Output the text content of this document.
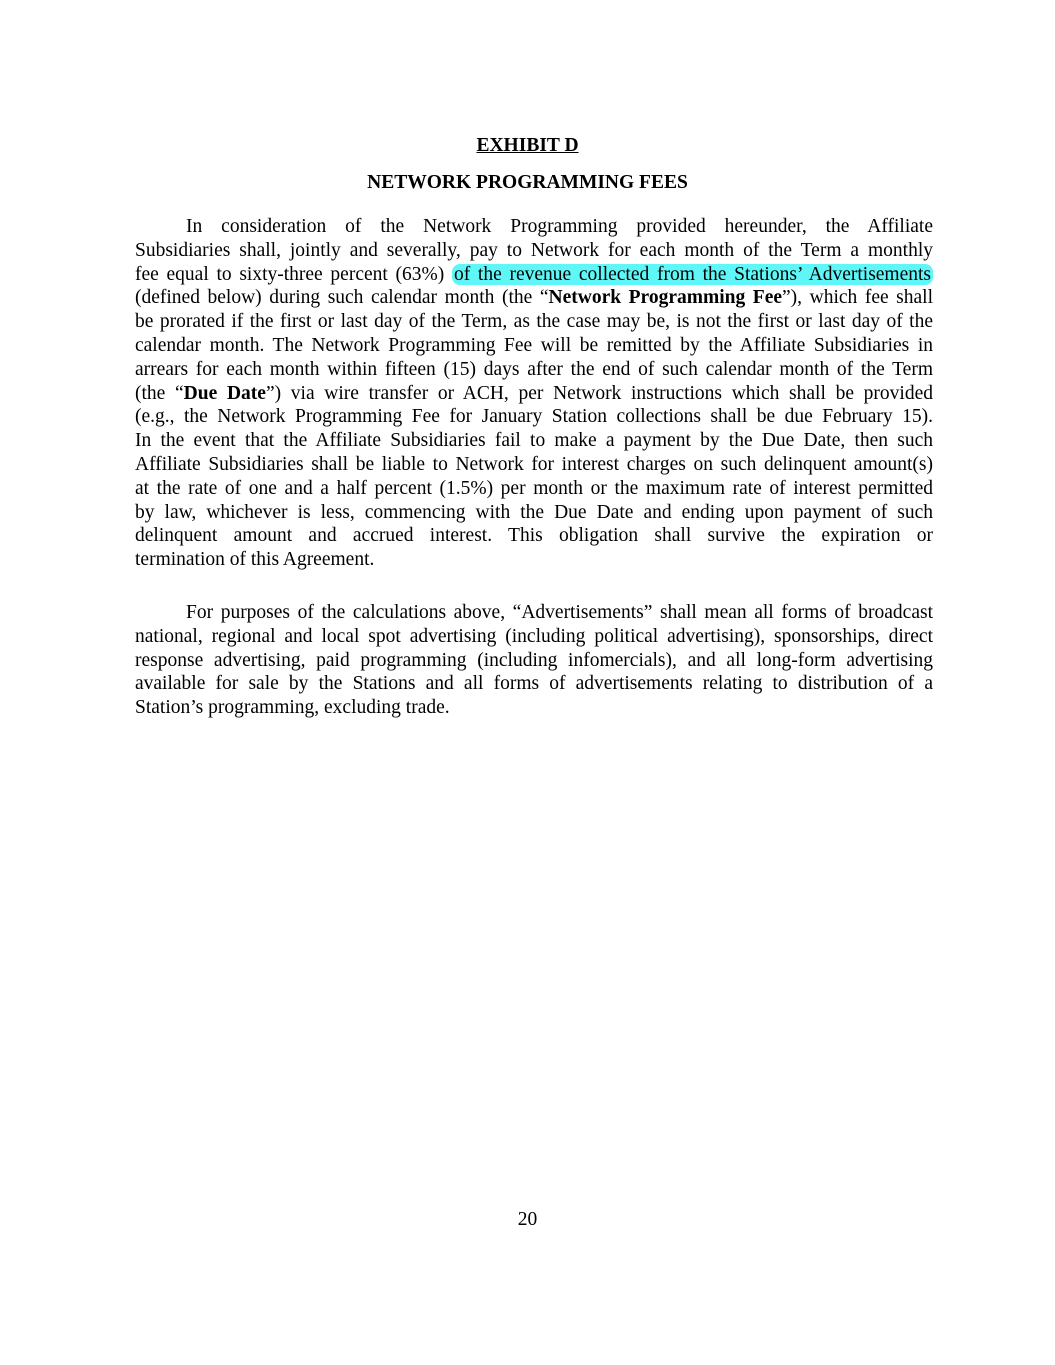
EXHIBIT D
NETWORK PROGRAMMING FEES
In consideration of the Network Programming provided hereunder, the Affiliate
Subsidiaries shall, jointly and severally, pay to Network for each month of the Term a monthly
fee equal to sixty-three percent (63%) of the revenue collected from the Stations’ Advertisements
(defined below) during such calendar month (the “Network Programming Fee”), which fee shall
be prorated if the first or last day of the Term, as the case may be, is not the first or last day of the
calendar month. The Network Programming Fee will be remitted by the Affiliate Subsidiaries in
arrears for each month within fifteen (15) days after the end of such calendar month of the Term
(the “Due Date”) via wire transfer or ACH, per Network instructions which shall be provided
(e.g., the Network Programming Fee for January Station collections shall be due February 15).
In the event that the Affiliate Subsidiaries fail to make a payment by the Due Date, then such
Affiliate Subsidiaries shall be liable to Network for interest charges on such delinquent amount(s)
at the rate of one and a half percent (1.5%) per month or the maximum rate of interest permitted
by law, whichever is less, commencing with the Due Date and ending upon payment of such
delinquent amount and accrued interest. This obligation shall survive the expiration or
termination of this Agreement.
For purposes of the calculations above, “Advertisements” shall mean all forms of broadcast
national, regional and local spot advertising (including political advertising), sponsorships, direct
response advertising, paid programming (including infomercials), and all long-form advertising
available for sale by the Stations and all forms of advertisements relating to distribution of a
Station’s programming, excluding trade.
20
